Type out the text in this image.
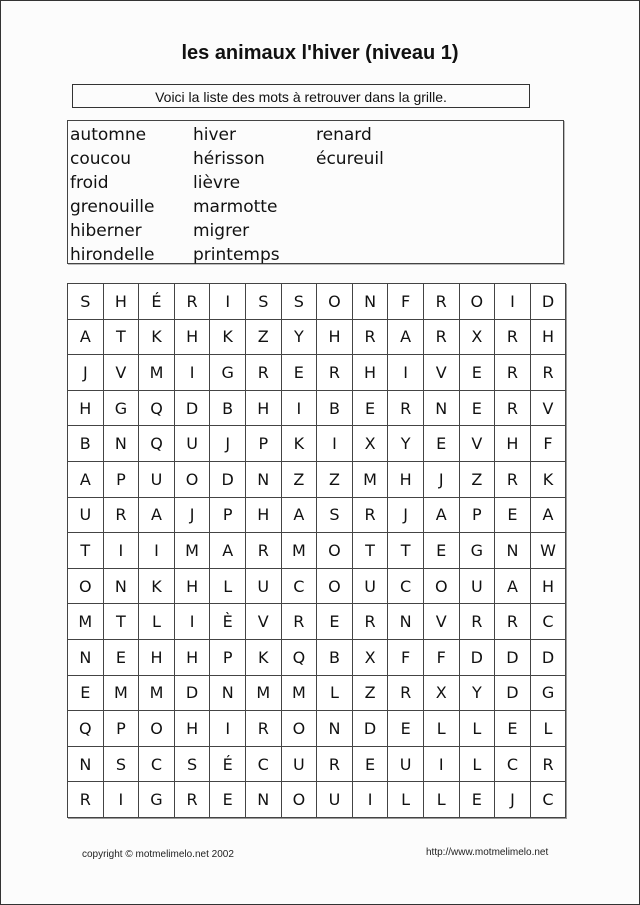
les animaux l'hiver (niveau 1)
Voici la liste des mots à retrouver dans la grille.
automne
coucou
froid
grenouille
hiberner
hirondelle
hiver
hérisson
lièvre
marmotte
migrer
printemps
renard
écureuil
S	H	É	R	I	S	S	O	N	F	R	O	I	D
A	T	K	H	K	Z	Y	H	R	A	R	X	R	H
J	V	M	I	G	R	E	R	H	I	V	E	R	R
H	G	Q	D	B	H	I	B	E	R	N	E	R	V
B	N	Q	U	J	P	K	I	X	Y	E	V	H	F
A	P	U	O	D	N	Z	Z	M	H	J	Z	R	K
U	R	A	J	P	H	A	S	R	J	A	P	E	A
T	I	I	M	A	R	M	O	T	T	E	G	N	W
O	N	K	H	L	U	C	O	U	C	O	U	A	H
M	T	L	I	È	V	R	E	R	N	V	R	R	C
N	E	H	H	P	K	Q	B	X	F	F	D	D	D
E	M	M	D	N	M	M	L	Z	R	X	Y	D	G
Q	P	O	H	I	R	O	N	D	E	L	L	E	L
N	S	C	S	É	C	U	R	E	U	I	L	C	R
R	I	G	R	E	N	O	U	I	L	L	E	J	C
copyright © motmelimelo.net 2002	http://www.motmelimelo.net
